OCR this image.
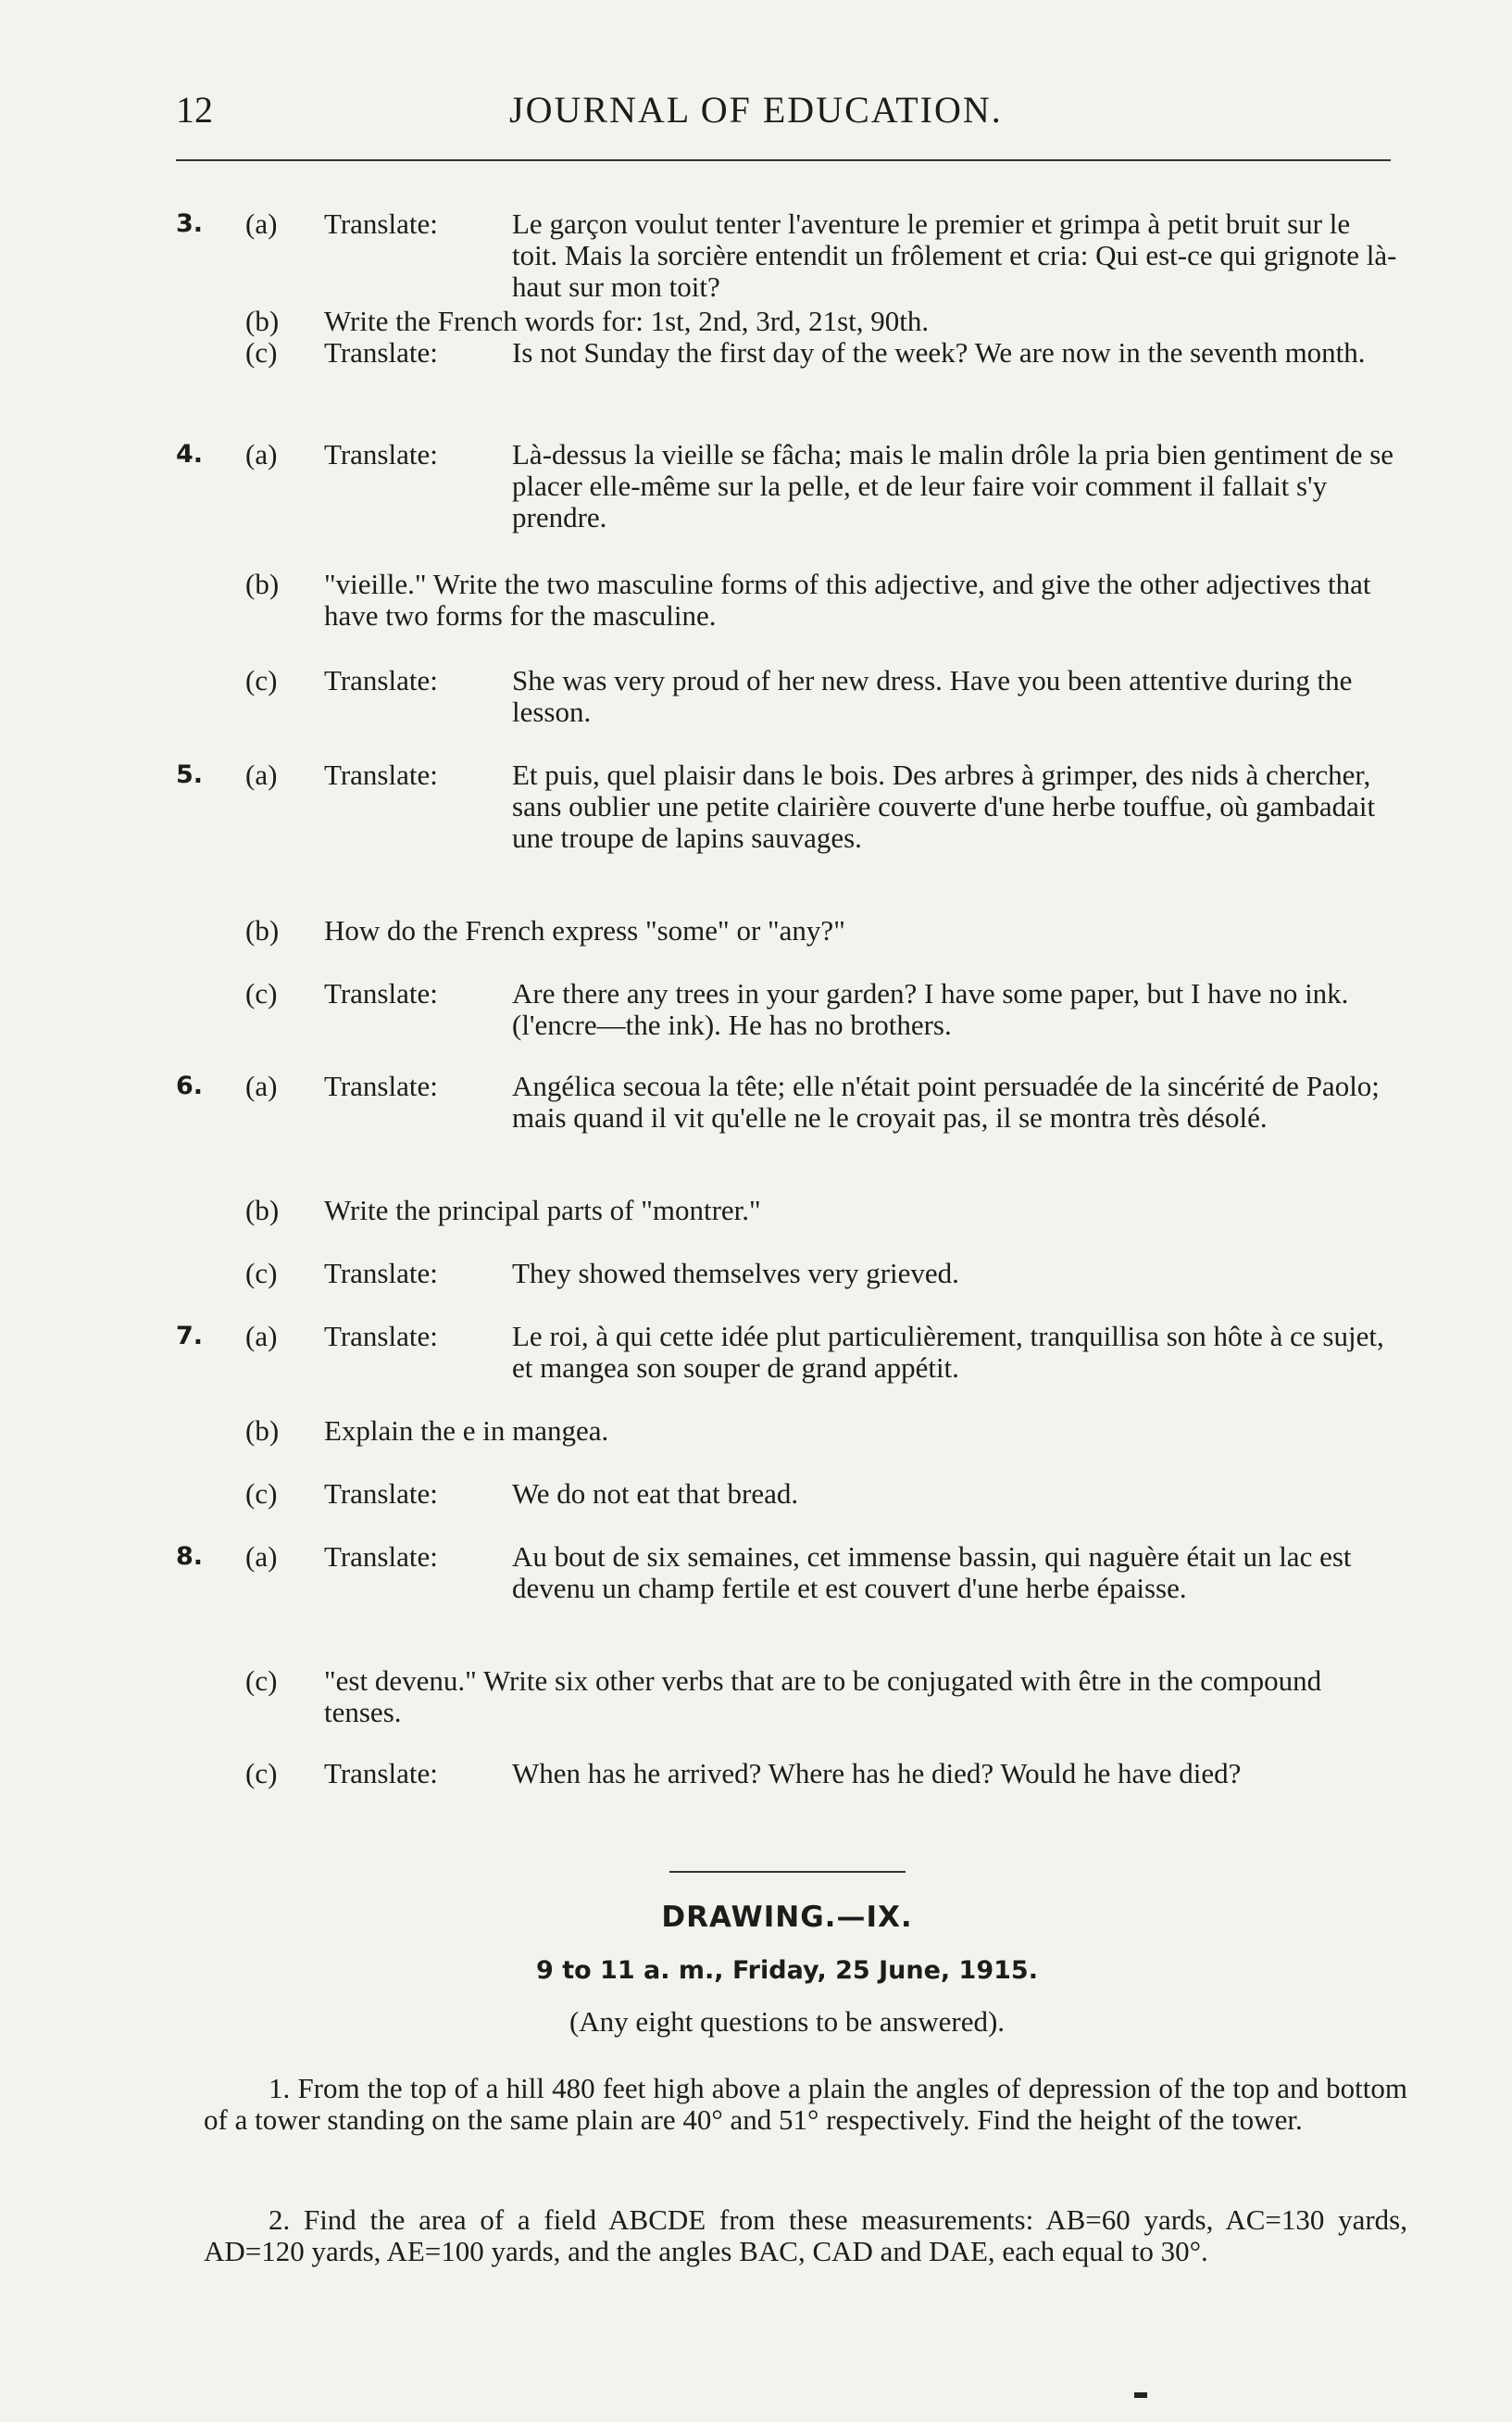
12	JOURNAL OF EDUCATION.
3.	(a)	Translate:	Le garçon voulut tenter l'aventure le premier et grimpa à petit bruit sur le toit. Mais la sorcière entendit un frôlement et cria: Qui est-ce qui grignote là-haut sur mon toit?
(b)	Write the French words for: 1st, 2nd, 3rd, 21st, 90th.
(c)	Translate:	Is not Sunday the first day of the week? We are now in the seventh month.
4.	(a)	Translate:	Là-dessus la vieille se fâcha; mais le malin drôle la pria bien gentiment de se placer elle-même sur la pelle, et de leur faire voir comment il fallait s'y prendre.
(b)	"vieille." Write the two masculine forms of this adjective, and give the other adjectives that have two forms for the masculine.
(c)	Translate:	She was very proud of her new dress. Have you been attentive during the lesson.
5.	(a)	Translate:	Et puis, quel plaisir dans le bois. Des arbres à grimper, des nids à chercher, sans oublier une petite clairière couverte d'une herbe touffue, où gambadait une troupe de lapins sauvages.
(b)	How do the French express "some" or "any?"
(c)	Translate:	Are there any trees in your garden? I have some paper, but I have no ink. (l'encre—the ink). He has no brothers.
6.	(a)	Translate:	Angélica secoua la tête; elle n'était point persuadée de la sincérité de Paolo; mais quand il vit qu'elle ne le croyait pas, il se montra très désolé.
(b)	Write the principal parts of "montrer."
(c)	Translate:	They showed themselves very grieved.
7.	(a)	Translate:	Le roi, à qui cette idée plut particulièrement, tranquillisa son hôte à ce sujet, et mangea son souper de grand appétit.
(b)	Explain the e in mangea.
(c)	Translate:	We do not eat that bread.
8.	(a)	Translate:	Au bout de six semaines, cet immense bassin, qui naguère était un lac est devenu un champ fertile et est couvert d'une herbe épaisse.
(c)	"est devenu." Write six other verbs that are to be conjugated with être in the compound tenses.
(c)	Translate:	When has he arrived? Where has he died? Would he have died?
DRAWING.—IX.
9 to 11 a. m., Friday, 25 June, 1915.
(Any eight questions to be answered).
1. From the top of a hill 480 feet high above a plain the angles of depression of the top and bottom of a tower standing on the same plain are 40° and 51° respectively. Find the height of the tower.
2. Find the area of a field ABCDE from these measurements: AB=60 yards, AC=130 yards, AD=120 yards, AE=100 yards, and the angles BAC, CAD and DAE, each equal to 30°.
